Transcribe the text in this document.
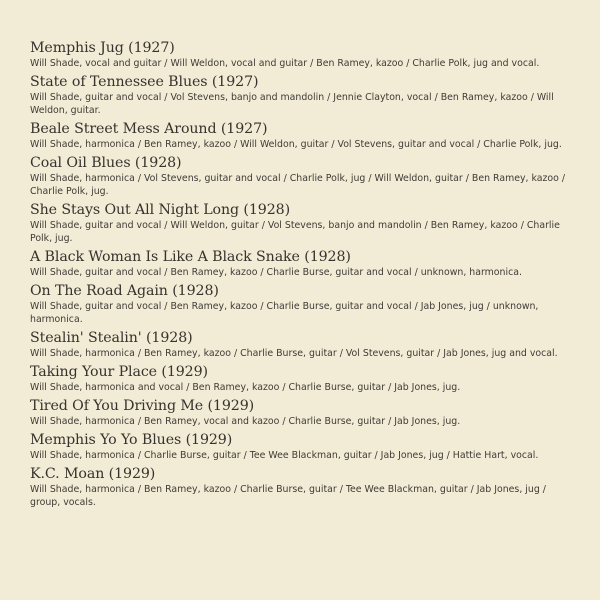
Memphis Jug (1927)
Will Shade, vocal and guitar / Will Weldon, vocal and guitar / Ben Ramey, kazoo / Charlie Polk, jug and vocal.
State of Tennessee Blues (1927)
Will Shade, guitar and vocal / Vol Stevens, banjo and mandolin / Jennie Clayton, vocal / Ben Ramey, kazoo / Will Weldon, guitar.
Beale Street Mess Around (1927)
Will Shade, harmonica / Ben Ramey, kazoo / Will Weldon, guitar / Vol Stevens, guitar and vocal / Charlie Polk, jug.
Coal Oil Blues (1928)
Will Shade, harmonica / Vol Stevens, guitar and vocal / Charlie Polk, jug / Will Weldon, guitar / Ben Ramey, kazoo / Charlie Polk, jug.
She Stays Out All Night Long (1928)
Will Shade, guitar and vocal / Will Weldon, guitar / Vol Stevens, banjo and mandolin / Ben Ramey, kazoo / Charlie Polk, jug.
A Black Woman Is Like A Black Snake (1928)
Will Shade, guitar and vocal / Ben Ramey, kazoo / Charlie Burse, guitar and vocal / unknown, harmonica.
On The Road Again (1928)
Will Shade, guitar and vocal / Ben Ramey, kazoo / Charlie Burse, guitar and vocal / Jab Jones, jug / unknown, harmonica.
Stealin' Stealin' (1928)
Will Shade, harmonica / Ben Ramey, kazoo / Charlie Burse, guitar / Vol Stevens, guitar / Jab Jones, jug and vocal.
Taking Your Place (1929)
Will Shade, harmonica and vocal / Ben Ramey, kazoo / Charlie Burse, guitar / Jab Jones, jug.
Tired Of You Driving Me (1929)
Will Shade, harmonica / Ben Ramey, vocal and kazoo / Charlie Burse, guitar / Jab Jones, jug.
Memphis Yo Yo Blues (1929)
Will Shade, harmonica / Charlie Burse, guitar / Tee Wee Blackman, guitar / Jab Jones, jug / Hattie Hart, vocal.
K.C. Moan (1929)
Will Shade, harmonica / Ben Ramey, kazoo / Charlie Burse, guitar / Tee Wee Blackman, guitar / Jab Jones, jug / group, vocals.
